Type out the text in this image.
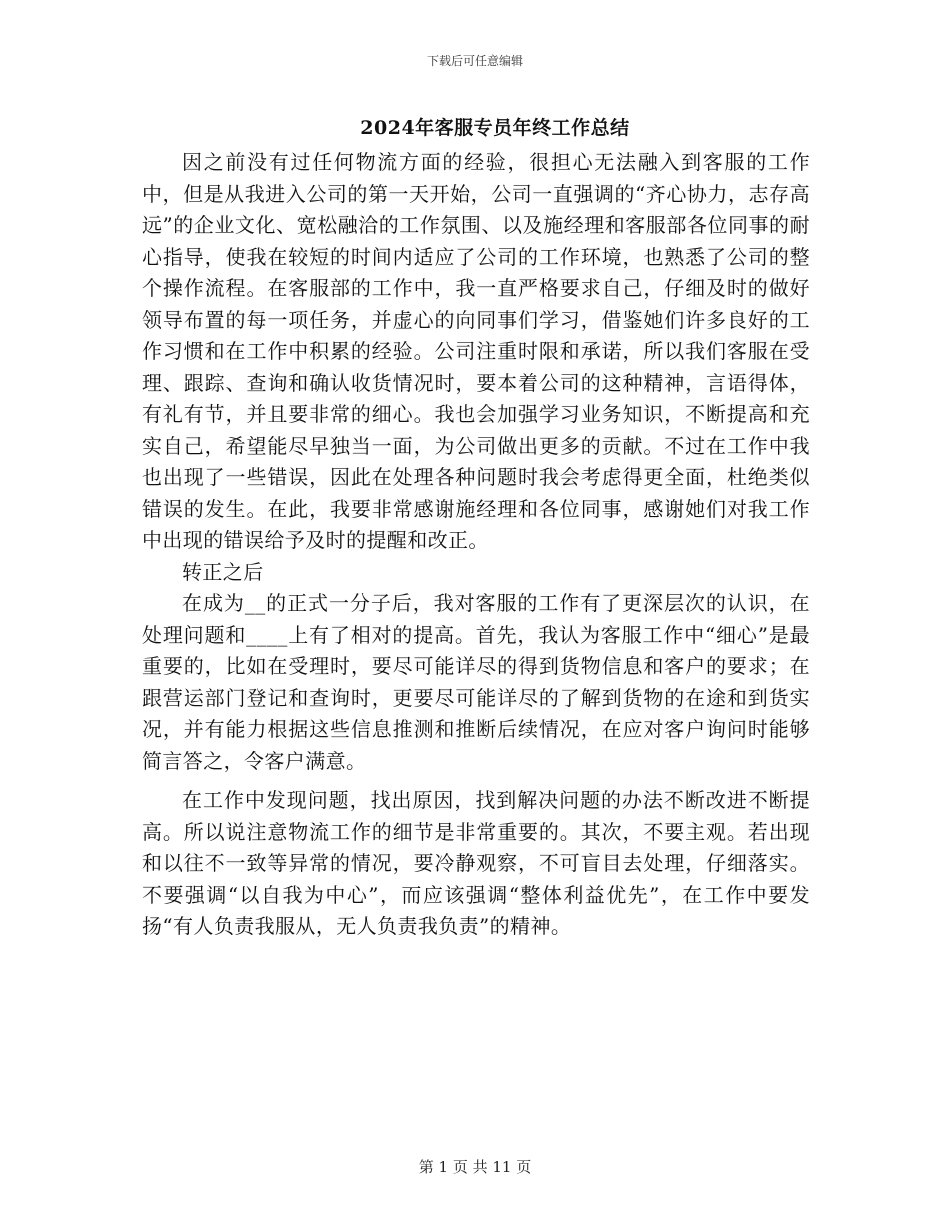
下载后可任意编辑
2024年客服专员年终工作总结

因之前没有过任何物流方面的经验，很担心无法融入到客服的工作中，但是从我进入公司的第一天开始，公司一直强调的“齐心协力，志存高远”的企业文化、宽松融洽的工作氛围、以及施经理和客服部各位同事的耐心指导，使我在较短的时间内适应了公司的工作环境，也熟悉了公司的整个操作流程。在客服部的工作中，我一直严格要求自己，仔细及时的做好领导布置的每一项任务，并虚心的向同事们学习，借鉴她们许多良好的工作习惯和在工作中积累的经验。公司注重时限和承诺，所以我们客服在受理、跟踪、查询和确认收货情况时，要本着公司的这种精神，言语得体，有礼有节，并且要非常的细心。我也会加强学习业务知识，不断提高和充实自己，希望能尽早独当一面，为公司做出更多的贡献。不过在工作中我也出现了一些错误，因此在处理各种问题时我会考虑得更全面，杜绝类似错误的发生。在此，我要非常感谢施经理和各位同事，感谢她们对我工作中出现的错误给予及时的提醒和改正。

转正之后

在成为__的正式一分子后，我对客服的工作有了更深层次的认识，在处理问题和____上有了相对的提高。首先，我认为客服工作中“细心”是最重要的，比如在受理时，要尽可能详尽的得到货物信息和客户的要求；在跟营运部门登记和查询时，更要尽可能详尽的了解到货物的在途和到货实况，并有能力根据这些信息推测和推断后续情况，在应对客户询问时能够简言答之，令客户满意。

在工作中发现问题，找出原因，找到解决问题的办法不断改进不断提高。所以说注意物流工作的细节是非常重要的。其次，不要主观。若出现和以往不一致等异常的情况，要冷静观察，不可盲目去处理，仔细落实。不要强调“以自我为中心”，而应该强调“整体利益优先”，在工作中要发扬“有人负责我服从，无人负责我负责”的精神。

第 1 页 共 11 页
